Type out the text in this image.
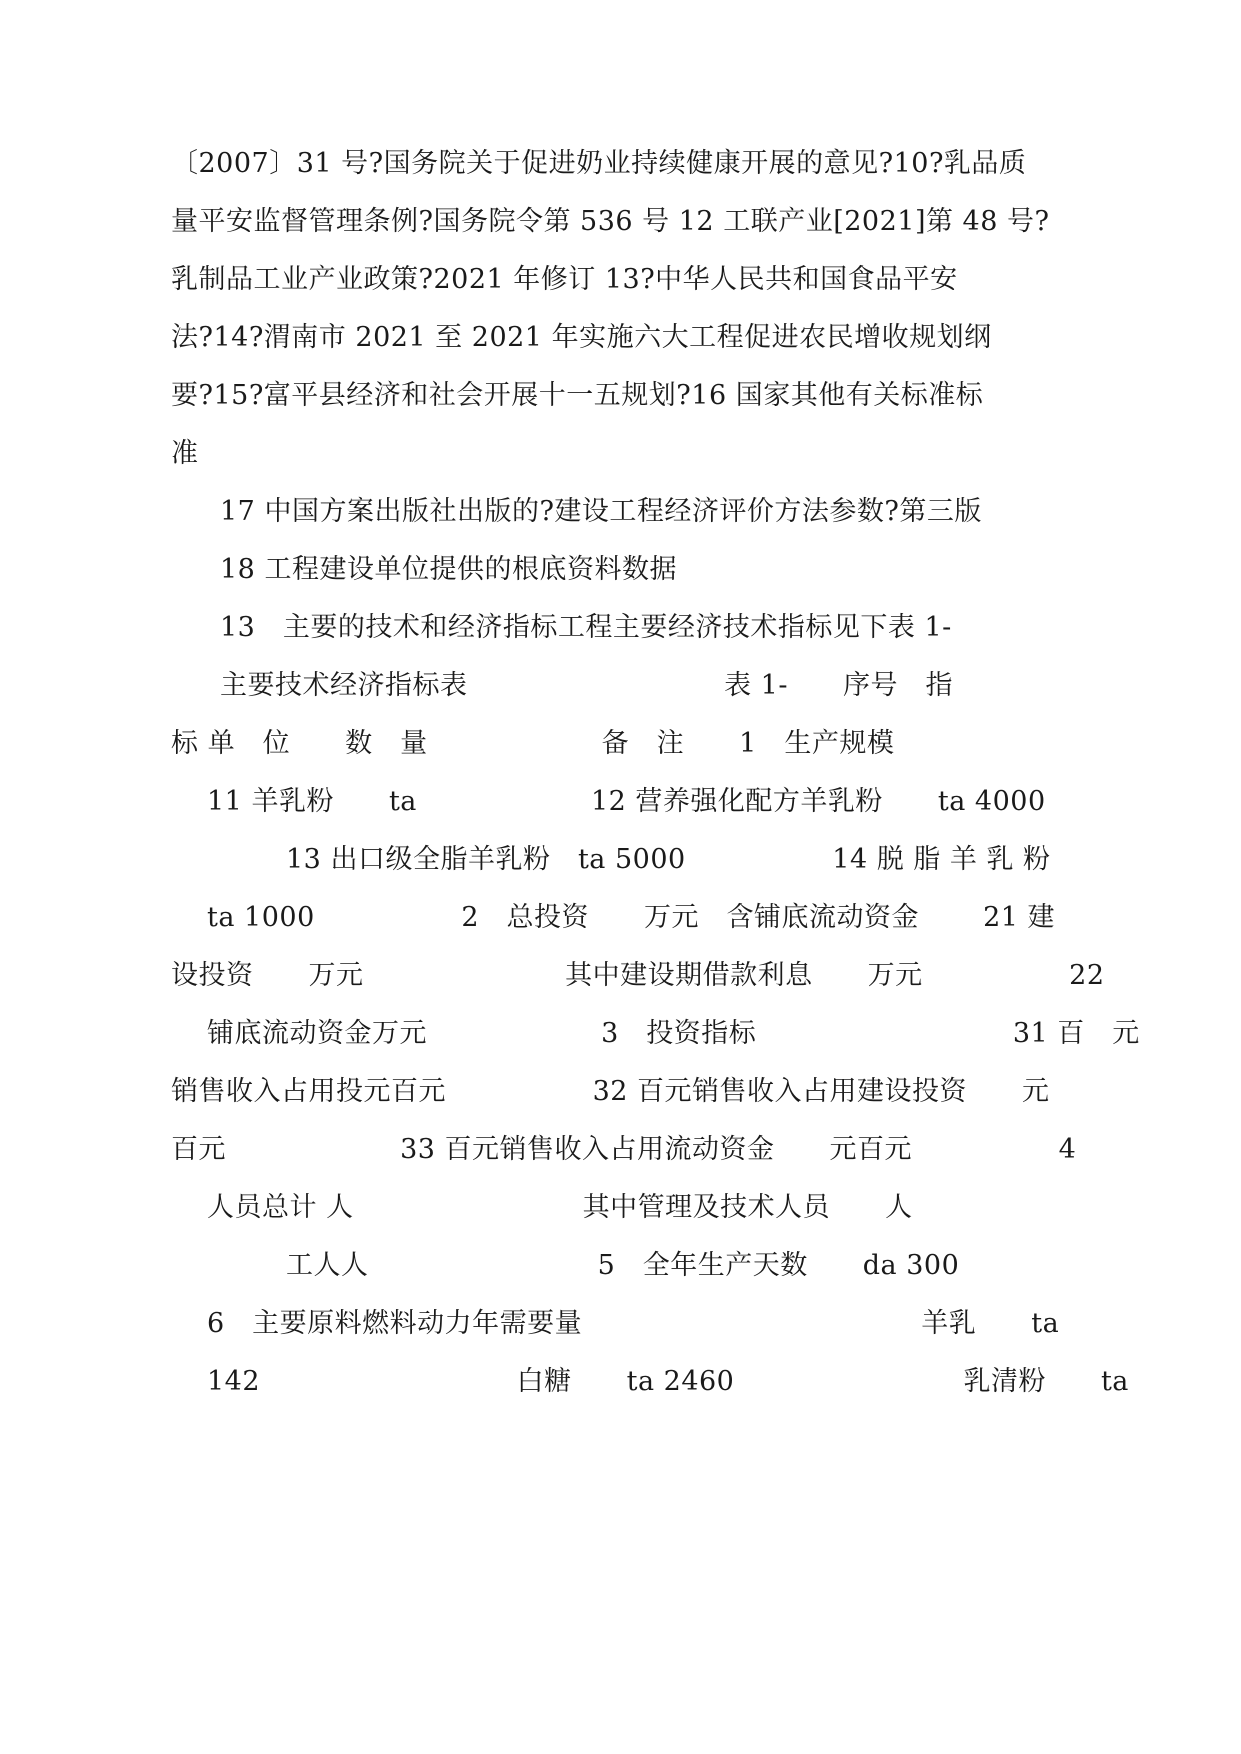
〔2007〕31 号?国务院关于促进奶业持续健康开展的意见?10?乳品质
量平安监督管理条例?国务院令第 536 号 12 工联产业[2021]第 48 号?
乳制品工业产业政策?2021 年修订 13?中华人民共和国食品平安
法?14?渭南市 2021 至 2021 年实施六大工程促进农民增收规划纲
要?15?富平县经济和社会开展十一五规划?16 国家其他有关标准标
准
17 中国方案出版社出版的?建设工程经济评价方法参数?第三版
18 工程建设单位提供的根底资料数据
13　主要的技术和经济指标工程主要经济技术指标见下表 1-
主要技术经济指标表　　　　　　　　　 表 1-　　序号　指
标 单　位　　数　量　　　　　　 备　注　　1　生产规模
11 羊乳粉　　ta　　　　　　 12 营养强化配方羊乳粉　　ta 4000
13 出口级全脂羊乳粉　ta 5000　　　　　 14 脱 脂 羊 乳 粉
ta 1000　　　　　 2　总投资　　万元　含铺底流动资金　　 21 建
设投资　　万元　　　　　　　 其中建设期借款利息　　万元　　　　　 22
铺底流动资金万元　　　　　　 3　投资指标　　　　　　　　　 31 百　元
销售收入占用投元百元　　　　　 32 百元销售收入占用建设投资　　元
百元　　　　　　 33 百元销售收入占用流动资金　　元百元　　　　　 4
人员总计 人　　　　　　　　 其中管理及技术人员　　人
工人人　　　　　　　　 5　全年生产天数　　da 300
6　主要原料燃料动力年需要量　　　　　　　　　　　　 羊乳　　ta
142　　　　　　　　　 白糖　　ta 2460　　　　　　　　 乳清粉　　ta
